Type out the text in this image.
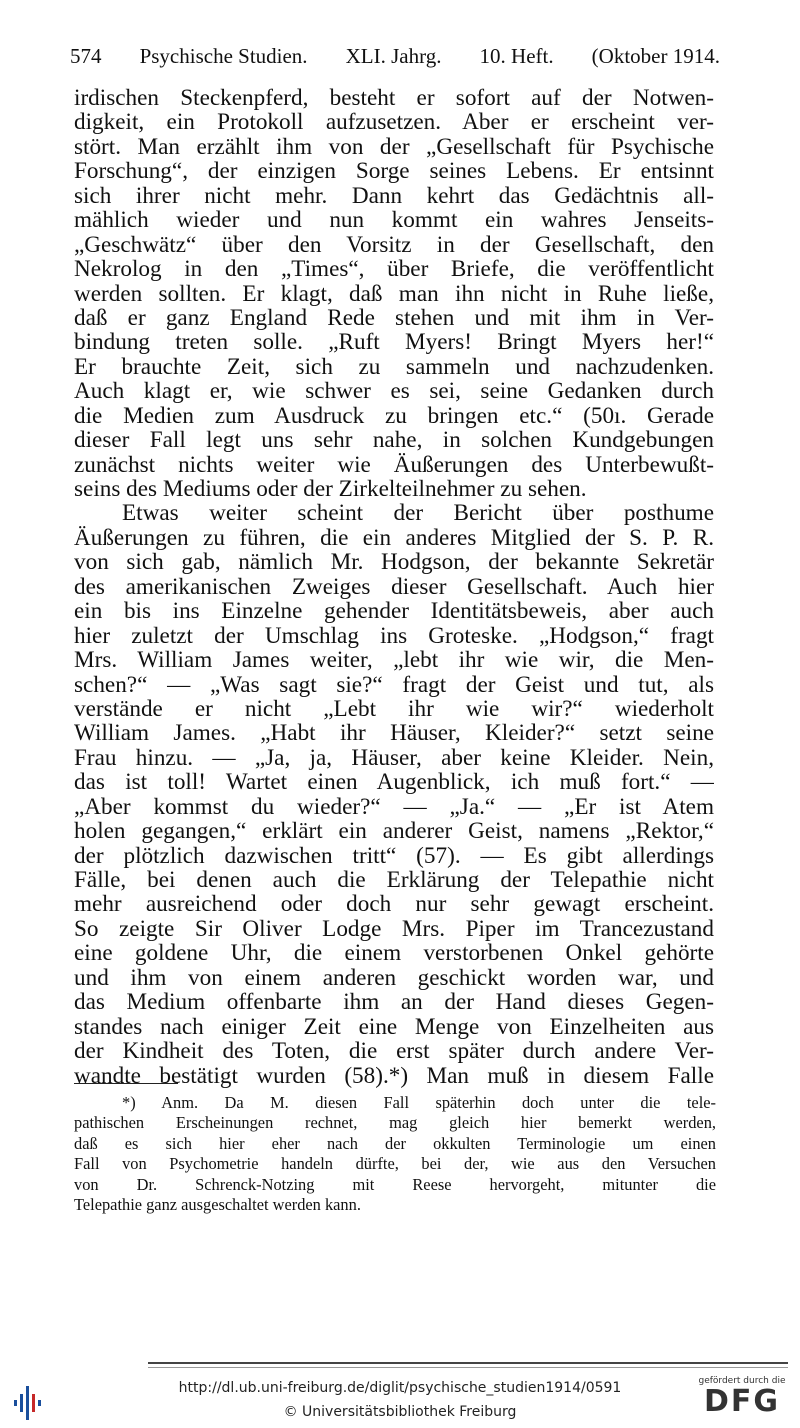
574 Psychische Studien. XLI. Jahrg. 10. Heft. (Oktober 1914.
irdischen Steckenpferd, besteht er sofort auf der Notwen-
digkeit, ein Protokoll aufzusetzen. Aber er erscheint ver-
stört. Man erzählt ihm von der „Gesellschaft für Psychische
Forschung“, der einzigen Sorge seines Lebens. Er entsinnt
sich ihrer nicht mehr. Dann kehrt das Gedächtnis all-
mählich wieder und nun kommt ein wahres Jenseits-
„Geschwätz“ über den Vorsitz in der Gesellschaft, den
Nekrolog in den „Times“, über Briefe, die veröffentlicht
werden sollten. Er klagt, daß man ihn nicht in Ruhe ließe,
daß er ganz England Rede stehen und mit ihm in Ver-
bindung treten solle. „Ruft Myers! Bringt Myers her!“
Er brauchte Zeit, sich zu sammeln und nachzudenken.
Auch klagt er, wie schwer es sei, seine Gedanken durch
die Medien zum Ausdruck zu bringen etc.“ (50ı. Gerade
dieser Fall legt uns sehr nahe, in solchen Kundgebungen
zunächst nichts weiter wie Äußerungen des Unterbewußt-
seins des Mediums oder der Zirkelteilnehmer zu sehen.
Etwas weiter scheint der Bericht über posthume
Äußerungen zu führen, die ein anderes Mitglied der S. P. R.
von sich gab, nämlich Mr. Hodgson, der bekannte Sekretär
des amerikanischen Zweiges dieser Gesellschaft. Auch hier
ein bis ins Einzelne gehender Identitätsbeweis, aber auch
hier zuletzt der Umschlag ins Groteske. „Hodgson,“ fragt
Mrs. William James weiter, „lebt ihr wie wir, die Men-
schen?“ — „Was sagt sie?“ fragt der Geist und tut, als
verstände er nicht „Lebt ihr wie wir?“ wiederholt
William James. „Habt ihr Häuser, Kleider?“ setzt seine
Frau hinzu. — „Ja, ja, Häuser, aber keine Kleider. Nein,
das ist toll! Wartet einen Augenblick, ich muß fort.“ —
„Aber kommst du wieder?“ — „Ja.“ — „Er ist Atem
holen gegangen,“ erklärt ein anderer Geist, namens „Rektor,“
der plötzlich dazwischen tritt“ (57). — Es gibt allerdings
Fälle, bei denen auch die Erklärung der Telepathie nicht
mehr ausreichend oder doch nur sehr gewagt erscheint.
So zeigte Sir Oliver Lodge Mrs. Piper im Trancezustand
eine goldene Uhr, die einem verstorbenen Onkel gehörte
und ihm von einem anderen geschickt worden war, und
das Medium offenbarte ihm an der Hand dieses Gegen-
standes nach einiger Zeit eine Menge von Einzelheiten aus
der Kindheit des Toten, die erst später durch andere Ver-
wandte bestätigt wurden (58).*) Man muß in diesem Falle
*) Anm. Da M. diesen Fall späterhin doch unter die tele-
pathischen Erscheinungen rechnet, mag gleich hier bemerkt werden,
daß es sich hier eher nach der okkulten Terminologie um einen
Fall von Psychometrie handeln dürfte, bei der, wie aus den Versuchen
von Dr. Schrenck-Notzing mit Reese hervorgeht, mitunter die
Telepathie ganz ausgeschaltet werden kann.
http://dl.ub.uni-freiburg.de/diglit/psychische_studien1914/0591
© Universitätsbibliothek Freiburg
gefördert durch die
DFG
